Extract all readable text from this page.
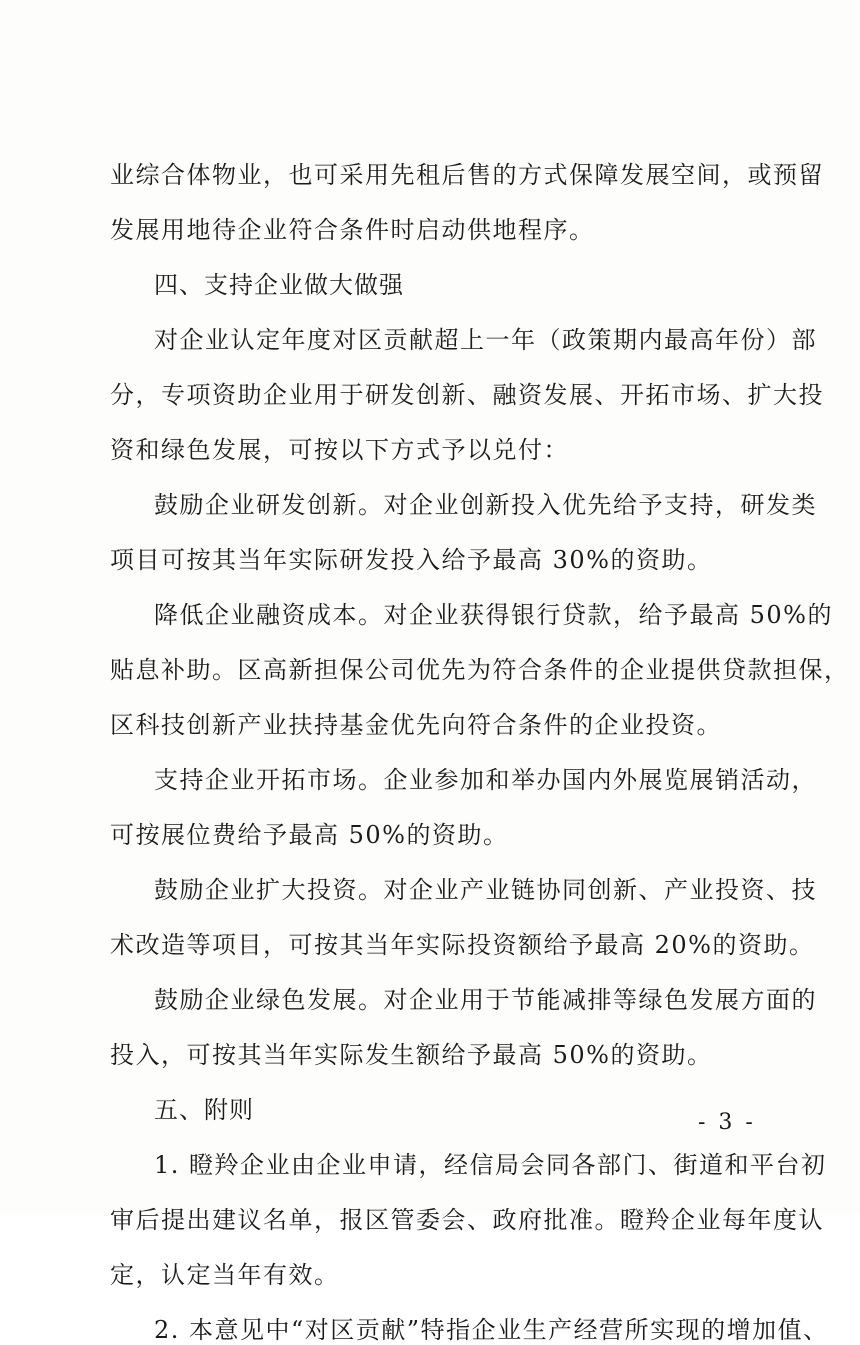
业综合体物业，也可采用先租后售的方式保障发展空间，或预留

发展用地待企业符合条件时启动供地程序。

四、支持企业做大做强

对企业认定年度对区贡献超上一年（政策期内最高年份）部

分，专项资助企业用于研发创新、融资发展、开拓市场、扩大投

资和绿色发展，可按以下方式予以兑付：

鼓励企业研发创新。对企业创新投入优先给予支持，研发类

项目可按其当年实际研发投入给予最高 30%的资助。

降低企业融资成本。对企业获得银行贷款，给予最高 50%的

贴息补助。区高新担保公司优先为符合条件的企业提供贷款担保，

区科技创新产业扶持基金优先向符合条件的企业投资。

支持企业开拓市场。企业参加和举办国内外展览展销活动，

可按展位费给予最高 50%的资助。

鼓励企业扩大投资。对企业产业链协同创新、产业投资、技

术改造等项目，可按其当年实际投资额给予最高 20%的资助。

鼓励企业绿色发展。对企业用于节能减排等绿色发展方面的

投入，可按其当年实际发生额给予最高 50%的资助。

五、附则

1. 瞪羚企业由企业申请，经信局会同各部门、街道和平台初

审后提出建议名单，报区管委会、政府批准。瞪羚企业每年度认

定，认定当年有效。

2. 本意见中“对区贡献”特指企业生产经营所实现的增加值、

- 3 -
